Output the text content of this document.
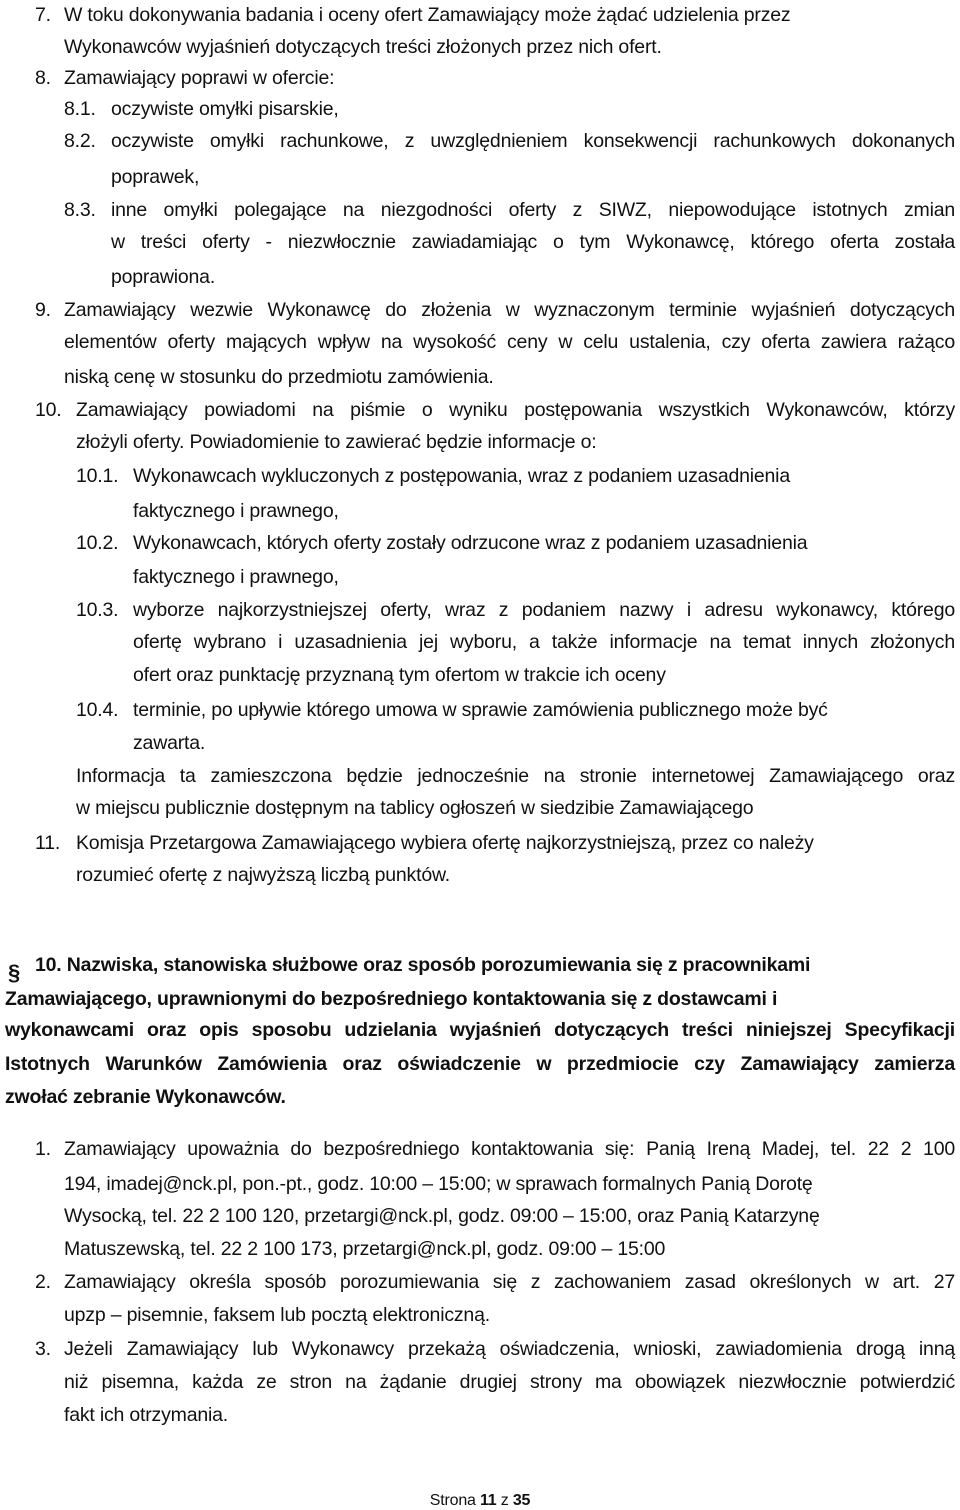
7. W toku dokonywania badania i oceny ofert Zamawiający może żądać udzielenia przez
Wykonawców wyjaśnień dotyczących treści złożonych przez nich ofert.
8. Zamawiający poprawi w ofercie:
8.1. oczywiste omyłki pisarskie,
8.2. oczywiste omyłki rachunkowe, z uwzględnieniem konsekwencji rachunkowych dokonanych
poprawek,
8.3. inne omyłki polegające na niezgodności oferty z SIWZ, niepowodujące istotnych zmian
w treści oferty - niezwłocznie zawiadamiając o tym Wykonawcę, którego oferta została
poprawiona.
9. Zamawiający wezwie Wykonawcę do złożenia w wyznaczonym terminie wyjaśnień dotyczących
elementów oferty mających wpływ na wysokość ceny w celu ustalenia, czy oferta zawiera rażąco
niską cenę w stosunku do przedmiotu zamówienia.
10. Zamawiający powiadomi na piśmie o wyniku postępowania wszystkich Wykonawców, którzy
złożyli oferty. Powiadomienie to zawierać będzie informacje o:
10.1. Wykonawcach wykluczonych z postępowania, wraz z podaniem uzasadnienia
faktycznego i prawnego,
10.2. Wykonawcach, których oferty zostały odrzucone wraz z podaniem uzasadnienia
faktycznego i prawnego,
10.3. wyborze najkorzystniejszej oferty, wraz z podaniem nazwy i adresu wykonawcy, którego
ofertę wybrano i uzasadnienia jej wyboru, a także informacje na temat innych złożonych
ofert oraz punktację przyznaną tym ofertom w trakcie ich oceny
10.4. terminie, po upływie którego umowa w sprawie zamówienia publicznego może być
zawarta.
Informacja ta zamieszczona będzie jednocześnie na stronie internetowej Zamawiającego oraz
w miejscu publicznie dostępnym na tablicy ogłoszeń w siedzibie Zamawiającego
11. Komisja Przetargowa Zamawiającego wybiera ofertę najkorzystniejszą, przez co należy
rozumieć ofertę z najwyższą liczbą punktów.
§ 10. Nazwiska, stanowiska służbowe oraz sposób porozumiewania się z pracownikami
Zamawiającego, uprawnionymi do bezpośredniego kontaktowania się z dostawcami i
wykonawcami oraz opis sposobu udzielania wyjaśnień dotyczących treści niniejszej Specyfikacji
Istotnych Warunków Zamówienia oraz oświadczenie w przedmiocie czy Zamawiający zamierza
zwołać zebranie Wykonawców.
1. Zamawiający upoważnia do bezpośredniego kontaktowania się: Panią Ireną Madej, tel. 22 2 100
194, imadej@nck.pl, pon.-pt., godz. 10:00 – 15:00; w sprawach formalnych Panią Dorotę
Wysocką, tel. 22 2 100 120, przetargi@nck.pl, godz. 09:00 – 15:00, oraz Panią Katarzynę
Matuszewską, tel. 22 2 100 173, przetargi@nck.pl, godz. 09:00 – 15:00
2. Zamawiający określa sposób porozumiewania się z zachowaniem zasad określonych w art. 27
upzp – pisemnie, faksem lub pocztą elektroniczną.
3. Jeżeli Zamawiający lub Wykonawcy przekażą oświadczenia, wnioski, zawiadomienia drogą inną
niż pisemna, każda ze stron na żądanie drugiej strony ma obowiązek niezwłocznie potwierdzić
fakt ich otrzymania.
Strona 11 z 35
